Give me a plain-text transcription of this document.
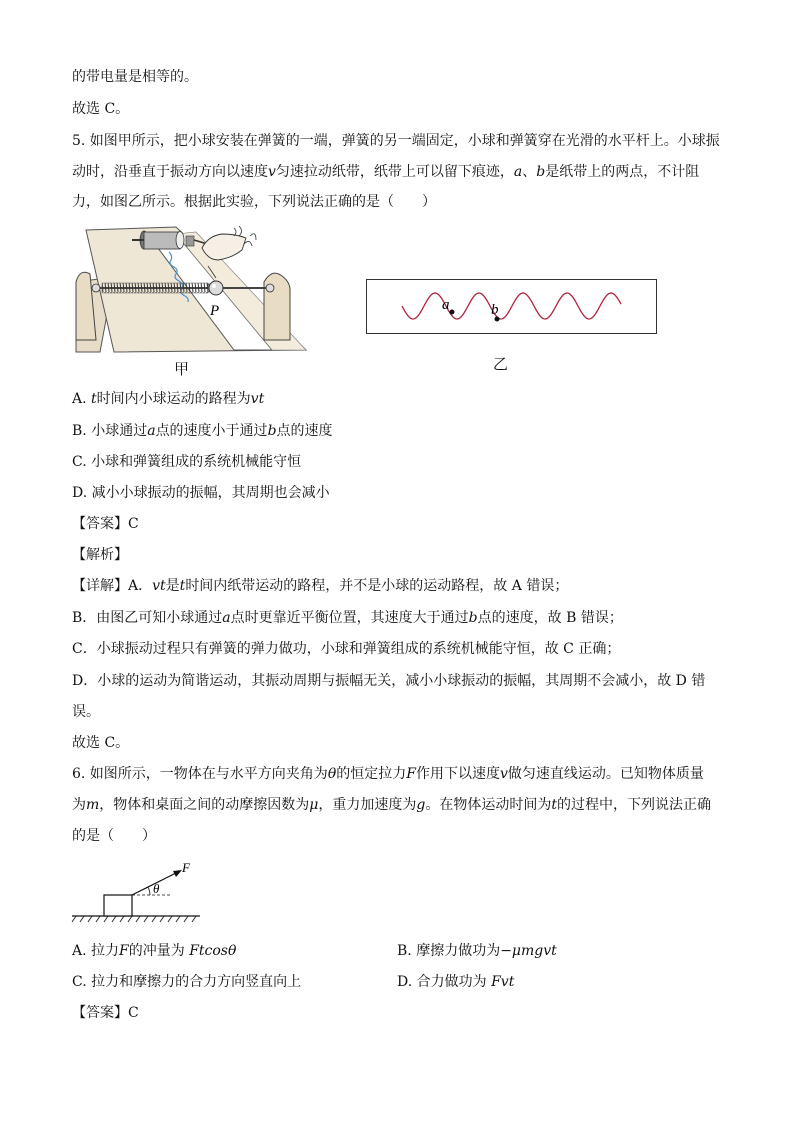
的带电量是相等的。
故选 C。
5. 如图甲所示，把小球安装在弹簧的一端，弹簧的另一端固定，小球和弹簧穿在光滑的水平杆上。小球振
动时，沿垂直于振动方向以速度v匀速拉动纸带，纸带上可以留下痕迹，a、b是纸带上的两点，不计阻
力，如图乙所示。根据此实验，下列说法正确的是（　　）
P
甲
a	b
乙
A. t时间内小球运动的路程为vt
B. 小球通过a点的速度小于通过b点的速度
C. 小球和弹簧组成的系统机械能守恒
D. 减小小球振动的振幅，其周期也会减小
【答案】C
【解析】
【详解】A．vt是t时间内纸带运动的路程，并不是小球的运动路程，故 A 错误；
B．由图乙可知小球通过a点时更靠近平衡位置，其速度大于通过b点的速度，故 B 错误；
C．小球振动过程只有弹簧的弹力做功，小球和弹簧组成的系统机械能守恒，故 C 正确；
D．小球的运动为简谐运动，其振动周期与振幅无关，减小小球振动的振幅，其周期不会减小，故 D 错
误。
故选 C。
6. 如图所示，一物体在与水平方向夹角为θ的恒定拉力F作用下以速度v做匀速直线运动。已知物体质量
为m，物体和桌面之间的动摩擦因数为μ，重力加速度为g。在物体运动时间为t的过程中，下列说法正确
的是（　　）
F
θ
A. 拉力F的冲量为 Ftcosθ	B. 摩擦力做功为−μmgvt
C. 拉力和摩擦力的合力方向竖直向上	D. 合力做功为 Fvt
【答案】C
